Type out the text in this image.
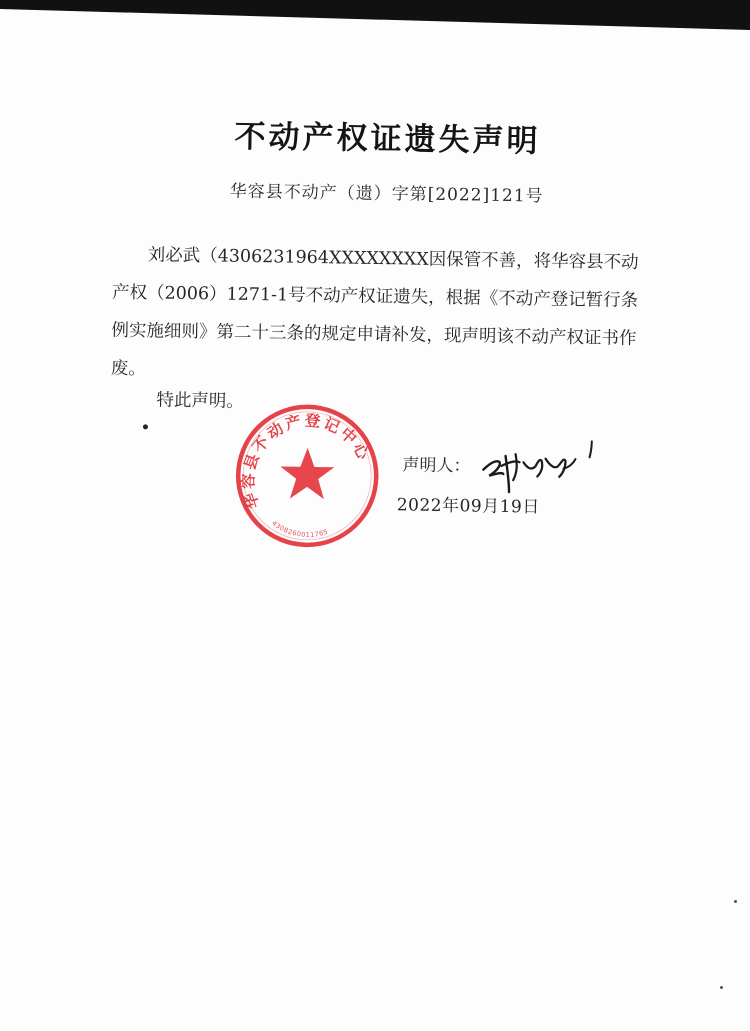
不动产权证遗失声明
华容县不动产（遗）字第[2022]121号

刘必武（4306231964XXXXXXXX因保管不善，将华容县不动产权（2006）1271-1号不动产权证遗失，根据《不动产登记暂行条例实施细则》第二十三条的规定申请补发，现声明该不动产权证书作废。

特此声明。
声明人：
2022年09月19日
华容县不动产登记中心
4308260011765
